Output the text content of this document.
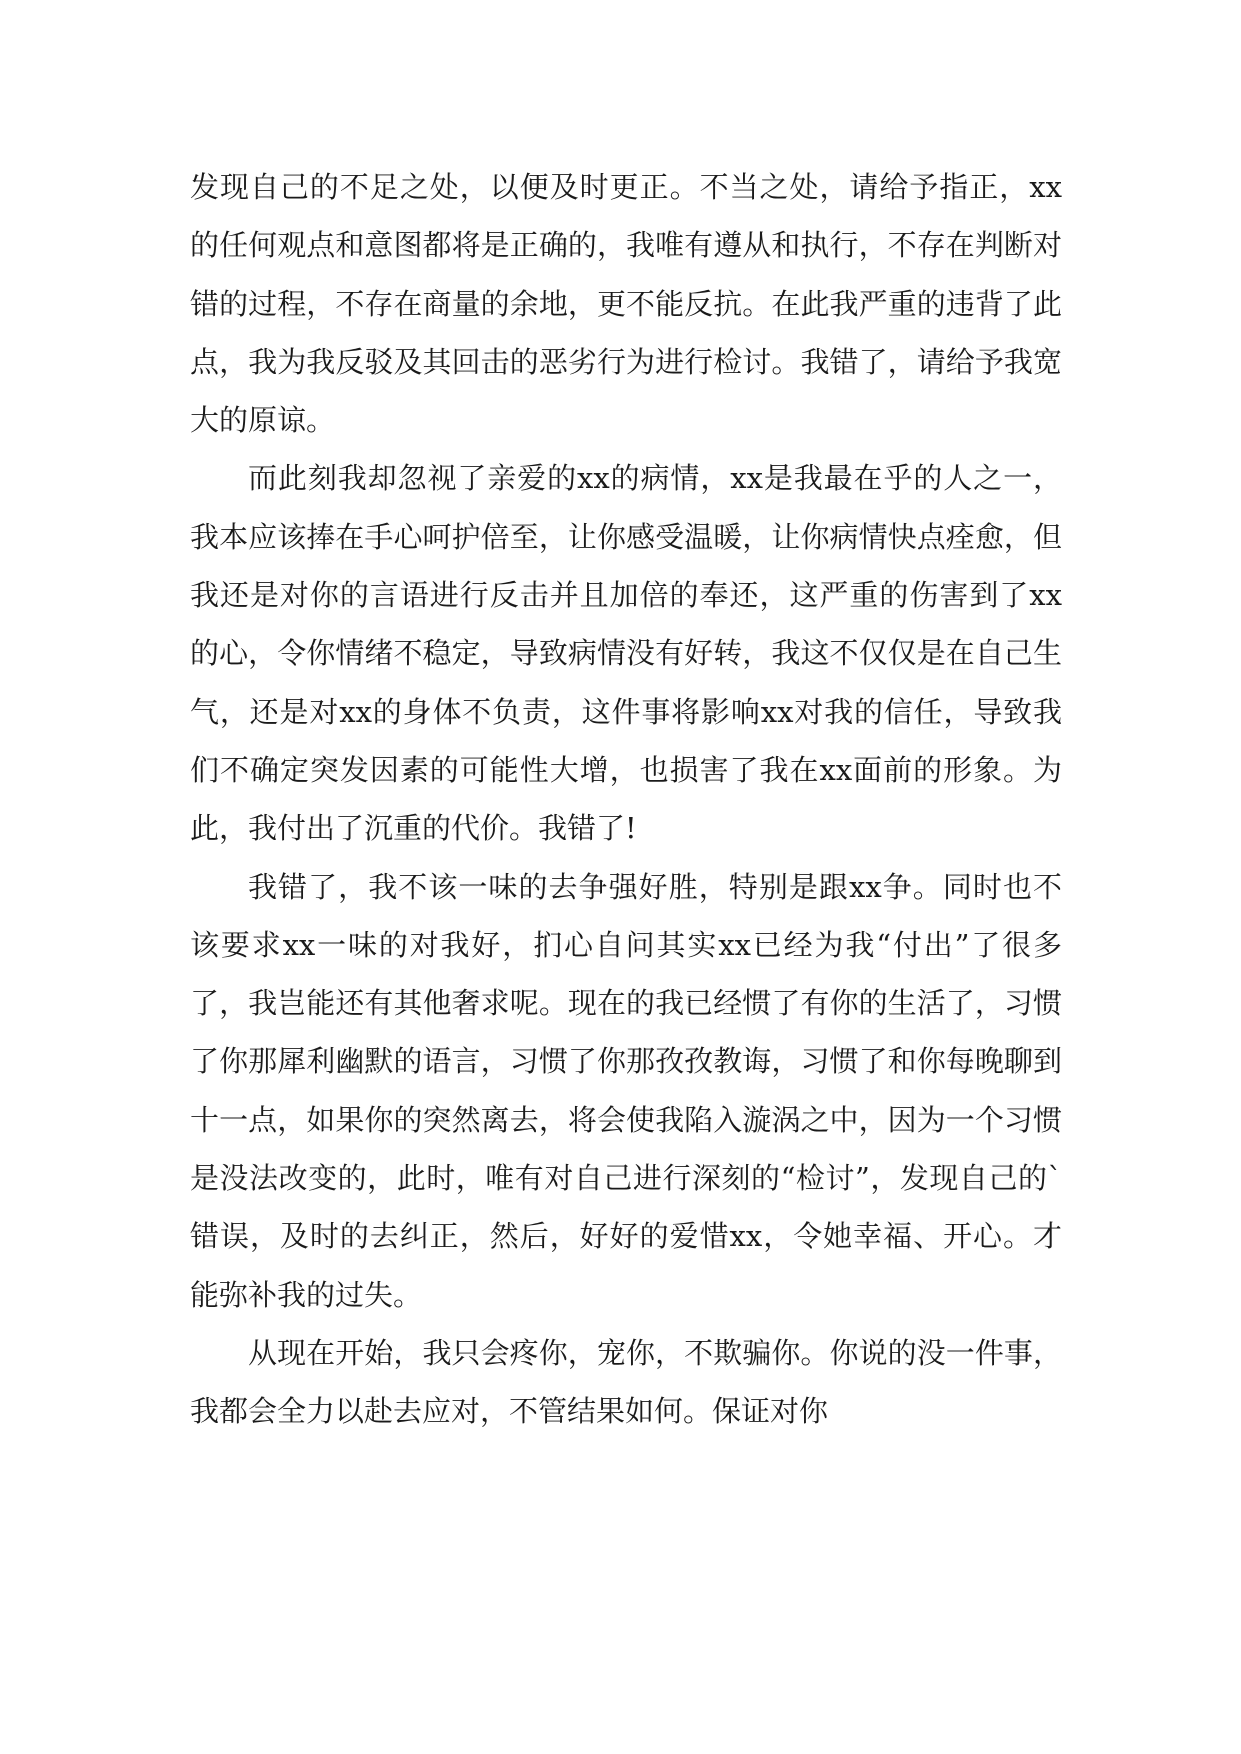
发现自己的不足之处，以便及时更正。不当之处，请给予指正，xx的任何观点和意图都将是正确的，我唯有遵从和执行，不存在判断对错的过程，不存在商量的余地，更不能反抗。在此我严重的违背了此点，我为我反驳及其回击的恶劣行为进行检讨。我错了，请给予我宽大的原谅。

而此刻我却忽视了亲爱的xx的病情，xx是我最在乎的人之一，我本应该捧在手心呵护倍至，让你感受温暖，让你病情快点痊愈，但我还是对你的言语进行反击并且加倍的奉还，这严重的伤害到了xx的心，令你情绪不稳定，导致病情没有好转，我这不仅仅是在自己生气，还是对xx的身体不负责，这件事将影响xx对我的信任，导致我们不确定突发因素的可能性大增，也损害了我在xx面前的形象。为此，我付出了沉重的代价。我错了!

我错了，我不该一味的去争强好胜，特别是跟xx争。同时也不该要求xx一味的对我好，扪心自问其实xx已经为我“付出”了很多了，我岂能还有其他奢求呢。现在的我已经惯了有你的生活了，习惯了你那犀利幽默的语言，习惯了你那孜孜教诲，习惯了和你每晚聊到十一点，如果你的突然离去，将会使我陷入漩涡之中，因为一个习惯是没法改变的，此时，唯有对自己进行深刻的“检讨”，发现自己的`错误，及时的去纠正，然后，好好的爱惜xx，令她幸福、开心。才能弥补我的过失。

从现在开始，我只会疼你，宠你，不欺骗你。你说的没一件事，我都会全力以赴去应对，不管结果如何。保证对你
